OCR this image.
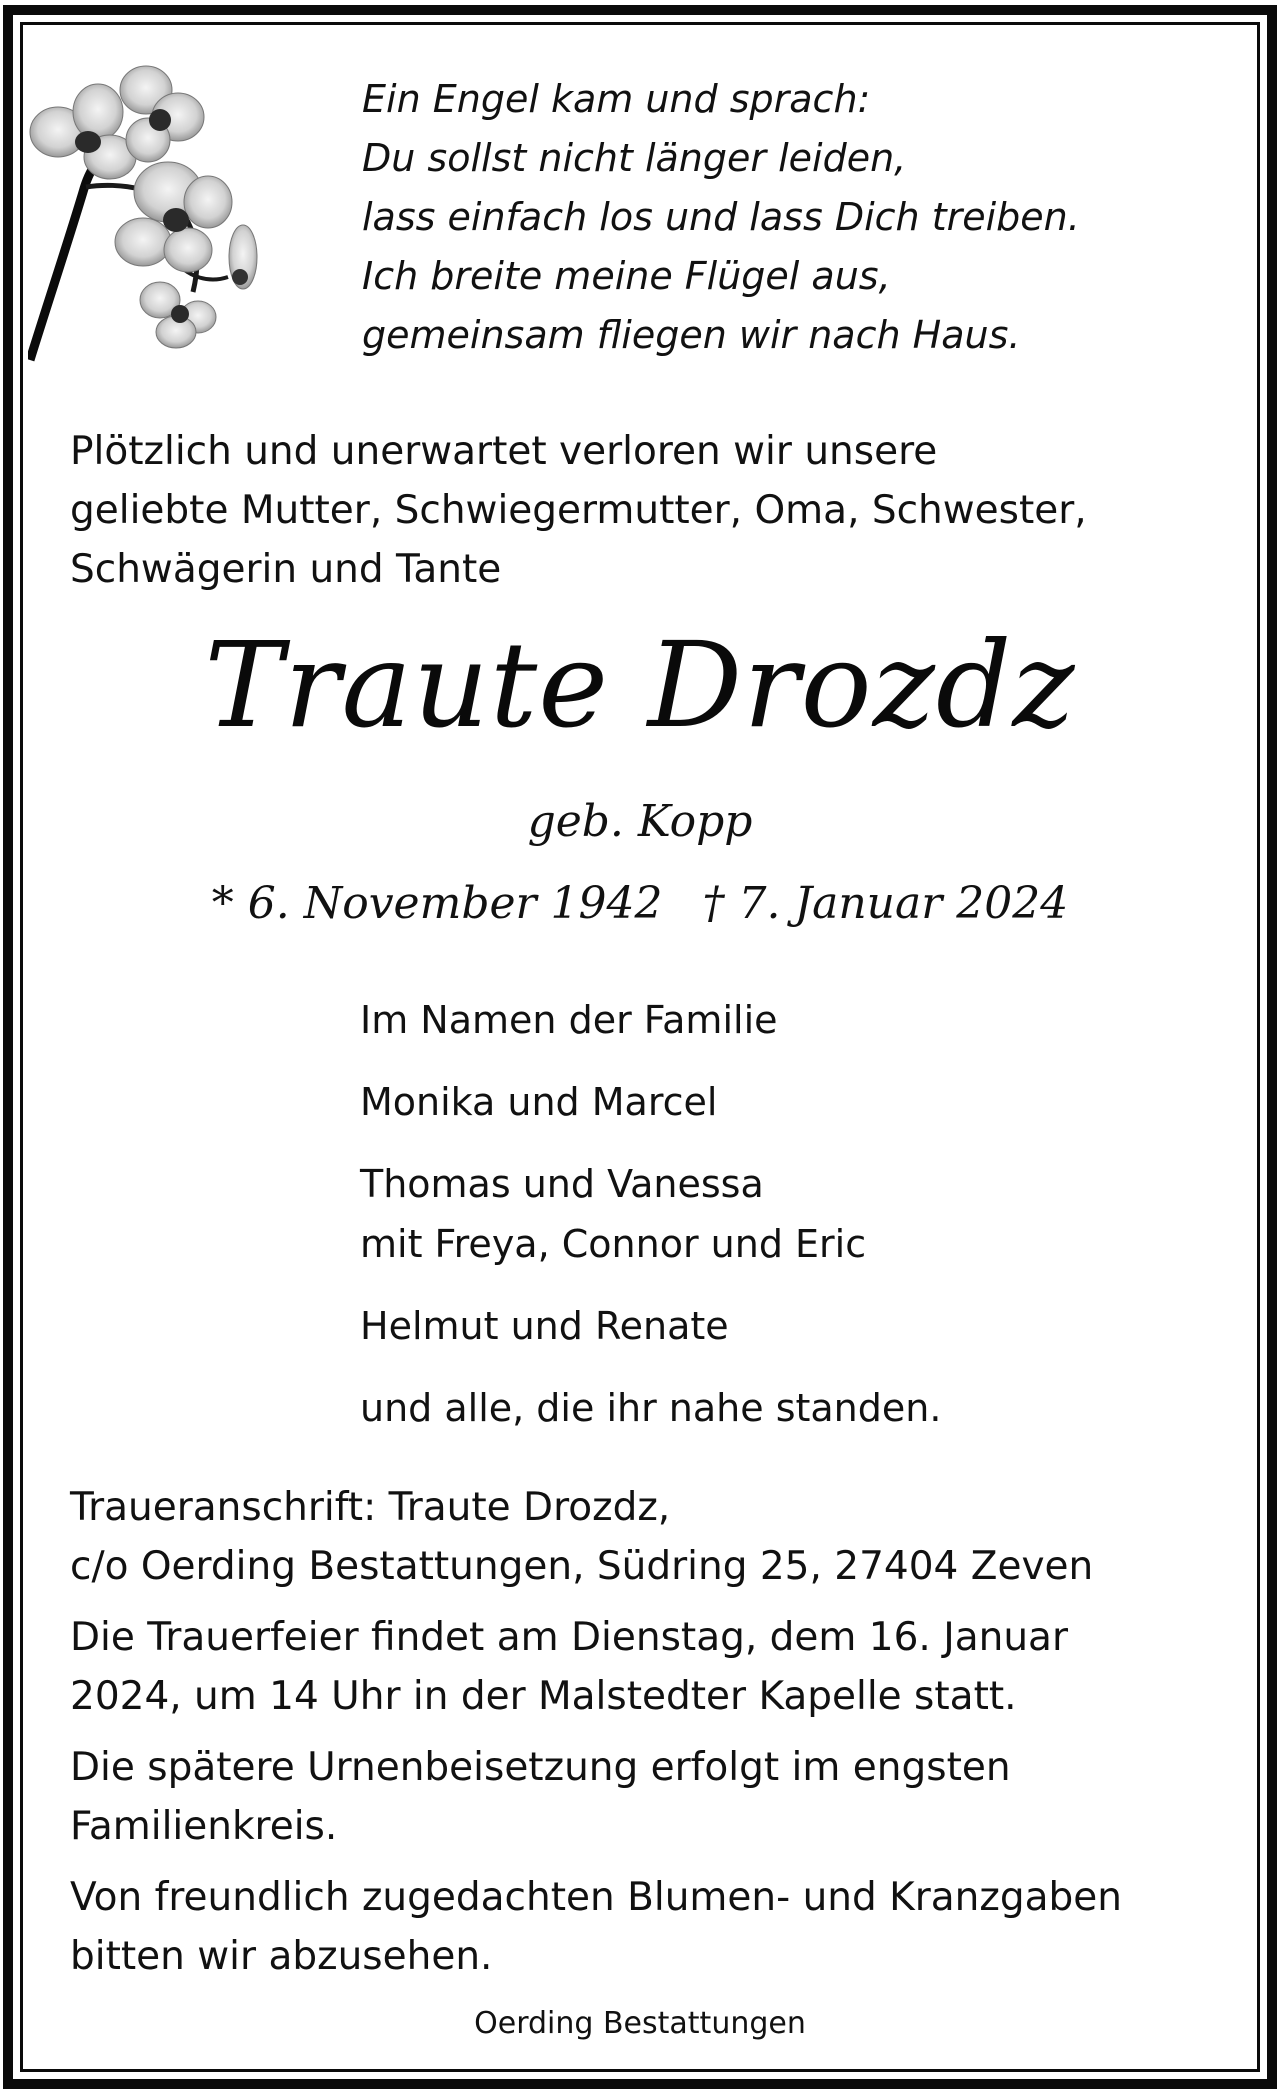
Ein Engel kam und sprach:
Du sollst nicht länger leiden,
lass einfach los und lass Dich treiben.
Ich breite meine Flügel aus,
gemeinsam fliegen wir nach Haus.
Plötzlich und unerwartet verloren wir unsere
geliebte Mutter, Schwiegermutter, Oma, Schwester,
Schwägerin und Tante
Traute Drozdz
geb. Kopp
* 6. November 1942 † 7. Januar 2024
Im Namen der Familie
Monika und Marcel
Thomas und Vanessa
mit Freya, Connor und Eric
Helmut und Renate
und alle, die ihr nahe standen.
Traueranschrift: Traute Drozdz,
c/o Oerding Bestattungen, Südring 25, 27404 Zeven
Die Trauerfeier findet am Dienstag, dem 16. Januar
2024, um 14 Uhr in der Malstedter Kapelle statt.
Die spätere Urnenbeisetzung erfolgt im engsten
Familienkreis.
Von freundlich zugedachten Blumen- und Kranzgaben
bitten wir abzusehen.
Oerding Bestattungen
